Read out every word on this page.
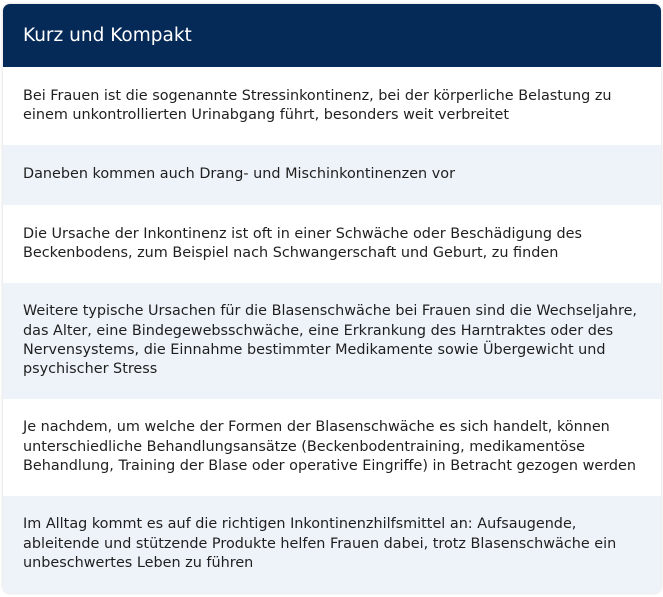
Kurz und Kompakt
Bei Frauen ist die sogenannte Stressinkontinenz, bei der körperliche Belastung zu einem unkontrollierten Urinabgang führt, besonders weit verbreitet
Daneben kommen auch Drang- und Mischinkontinenzen vor
Die Ursache der Inkontinenz ist oft in einer Schwäche oder Beschädigung des Beckenbodens, zum Beispiel nach Schwangerschaft und Geburt, zu finden
Weitere typische Ursachen für die Blasenschwäche bei Frauen sind die Wechseljahre, das Alter, eine Bindegewebsschwäche, eine Erkrankung des Harntraktes oder des Nervensystems, die Einnahme bestimmter Medikamente sowie Übergewicht und psychischer Stress
Je nachdem, um welche der Formen der Blasenschwäche es sich handelt, können unterschiedliche Behandlungsansätze (Beckenbodentraining, medikamentöse Behandlung, Training der Blase oder operative Eingriffe) in Betracht gezogen werden
Im Alltag kommt es auf die richtigen Inkontinenzhilfsmittel an: Aufsaugende, ableitende und stützende Produkte helfen Frauen dabei, trotz Blasenschwäche ein unbeschwertes Leben zu führen
